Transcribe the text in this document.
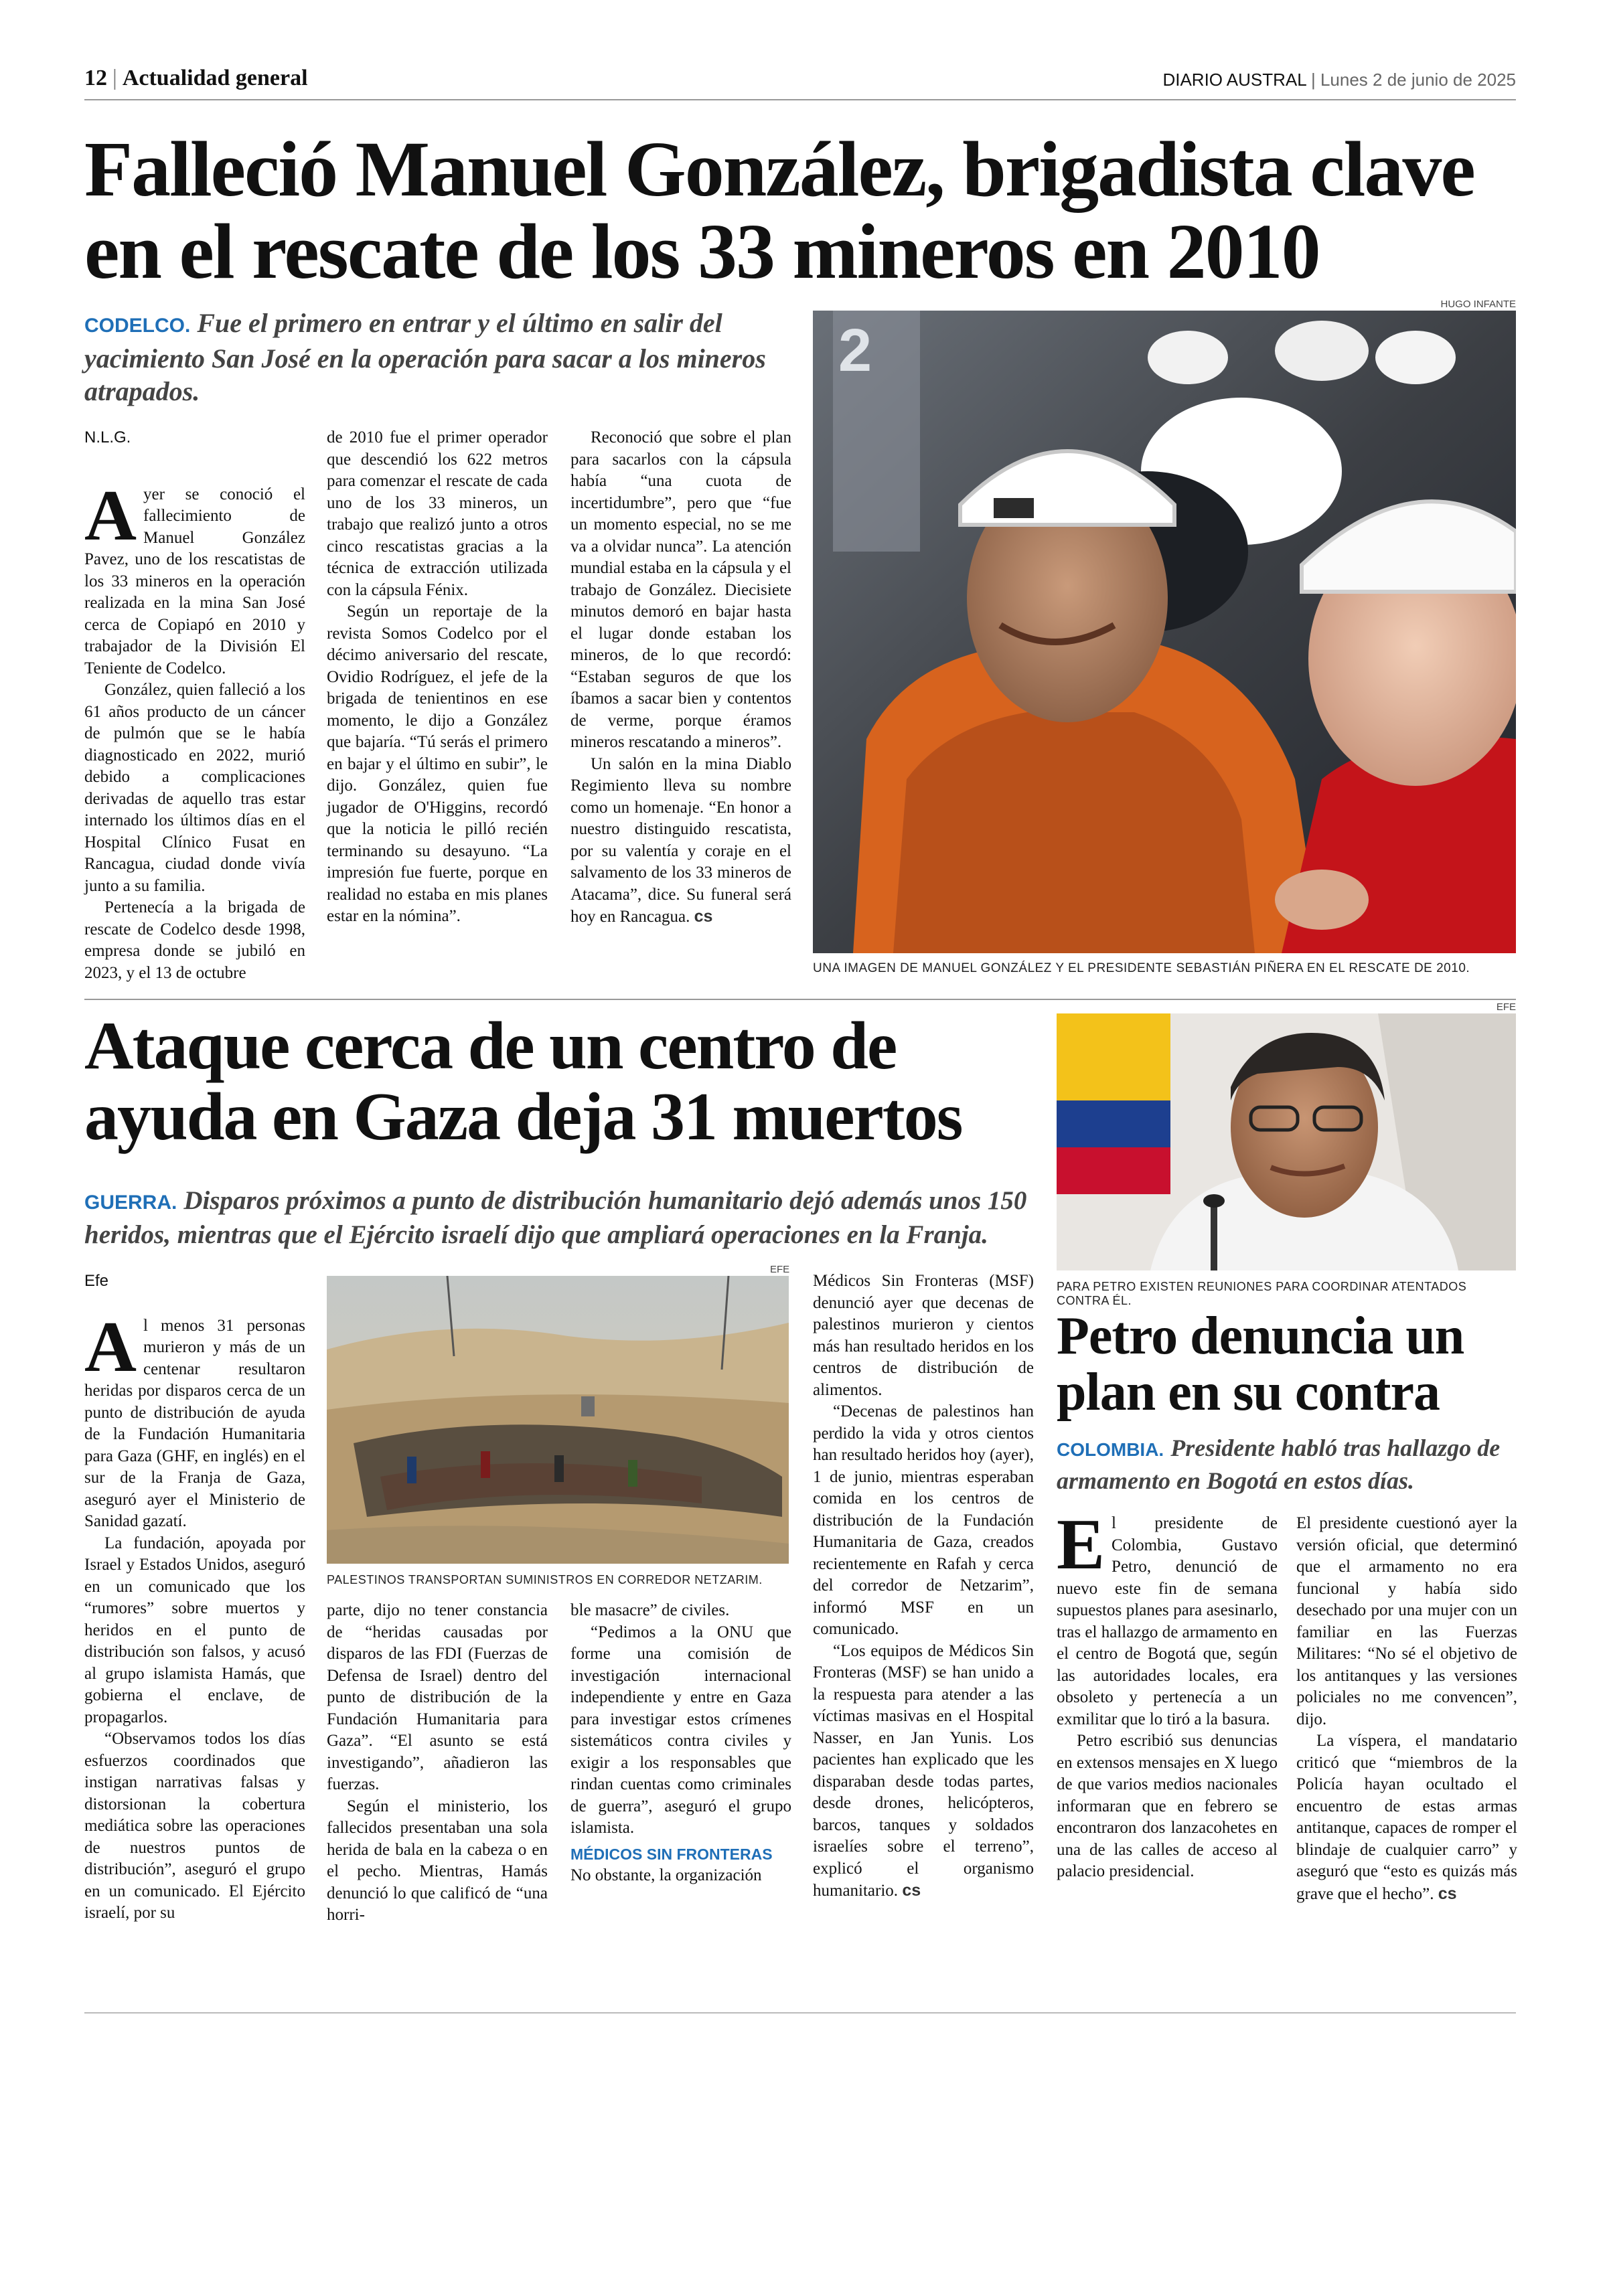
12 | Actualidad general	DIARIO AUSTRAL | Lunes 2 de junio de 2025
Falleció Manuel González, brigadista clave
en el rescate de los 33 mineros en 2010

CODELCO. Fue el primero en entrar y el último en salir del yacimiento San José en la operación para sacar a los mineros atrapados.

N.L.G.

Ayer se conoció el fallecimiento de Manuel González Pavez, uno de los rescatistas de los 33 mineros en la operación realizada en la mina San José cerca de Copiapó en 2010 y trabajador de la División El Teniente de Codelco.

González, quien falleció a los 61 años producto de un cáncer de pulmón que se le había diagnosticado en 2022, murió debido a complicaciones derivadas de aquello tras estar internado los últimos días en el Hospital Clínico Fusat en Rancagua, ciudad donde vivía junto a su familia.

Pertenecía a la brigada de rescate de Codelco desde 1998, empresa donde se jubiló en 2023, y el 13 de octubre

de 2010 fue el primer operador que descendió los 622 metros para comenzar el rescate de cada uno de los 33 mineros, un trabajo que realizó junto a otros cinco rescatistas gracias a la técnica de extracción utilizada con la cápsula Fénix.

Según un reportaje de la revista Somos Codelco por el décimo aniversario del rescate, Ovidio Rodríguez, el jefe de la brigada de tenientinos en ese momento, le dijo a González que bajaría. “Tú serás el primero en bajar y el último en subir”, le dijo. González, quien fue jugador de O'Higgins, recordó que la noticia le pilló recién terminando su desayuno. “La impresión fue fuerte, porque en realidad no estaba en mis planes estar en la nómina”.

Reconoció que sobre el plan para sacarlos con la cápsula había “una cuota de incertidumbre”, pero que “fue un momento especial, no se me va a olvidar nunca”. La atención mundial estaba en la cápsula y el trabajo de González. Diecisiete minutos demoró en bajar hasta el lugar donde estaban los mineros, de lo que recordó: “Estaban seguros de que los íbamos a sacar bien y contentos de verme, porque éramos mineros rescatando a mineros”.

Un salón en la mina Diablo Regimiento lleva su nombre como un homenaje. “En honor a nuestro distinguido rescatista, por su valentía y coraje en el salvamento de los 33 mineros de Atacama”, dice. Su funeral será hoy en Rancagua. cs

HUGO INFANTE
2
UNA IMAGEN DE MANUEL GONZÁLEZ Y EL PRESIDENTE SEBASTIÁN PIÑERA EN EL RESCATE DE 2010.
Ataque cerca de un centro de
ayuda en Gaza deja 31 muertos

GUERRA. Disparos próximos a punto de distribución humanitario dejó además unos 150 heridos, mientras que el Ejército israelí dijo que ampliará operaciones en la Franja.

Efe

Al menos 31 personas murieron y más de un centenar resultaron heridas por disparos cerca de un punto de distribución de ayuda de la Fundación Humanitaria para Gaza (GHF, en inglés) en el sur de la Franja de Gaza, aseguró ayer el Ministerio de Sanidad gazatí.

La fundación, apoyada por Israel y Estados Unidos, aseguró en un comunicado que los “rumores” sobre muertos y heridos en el punto de distribución son falsos, y acusó al grupo islamista Hamás, que gobierna el enclave, de propagarlos.

“Observamos todos los días esfuerzos coordinados que instigan narrativas falsas y distorsionan la cobertura mediática sobre las operaciones de nuestros puntos de distribución”, aseguró el grupo en un comunicado. El Ejército israelí, por su

EFE
PALESTINOS TRANSPORTAN SUMINISTROS EN CORREDOR NETZARIM.

parte, dijo no tener constancia de “heridas causadas por disparos de las FDI (Fuerzas de Defensa de Israel) dentro del punto de distribución de la Fundación Humanitaria para Gaza”. “El asunto se está investigando”, añadieron las fuerzas.

Según el ministerio, los fallecidos presentaban una sola herida de bala en la cabeza o en el pecho. Mientras, Hamás denunció lo que calificó de “una horri-

ble masacre” de civiles.

“Pedimos a la ONU que forme una comisión de investigación internacional independiente y entre en Gaza para investigar estos crímenes sistemáticos contra civiles y exigir a los responsables que rindan cuentas como criminales de guerra”, aseguró el grupo islamista.

MÉDICOS SIN FRONTERAS

No obstante, la organización

Médicos Sin Fronteras (MSF) denunció ayer que decenas de palestinos murieron y cientos más han resultado heridos en los centros de distribución de alimentos.

“Decenas de palestinos han perdido la vida y otros cientos han resultado heridos hoy (ayer), 1 de junio, mientras esperaban comida en los centros de distribución de la Fundación Humanitaria de Gaza, creados recientemente en Rafah y cerca del corredor de Netzarim”, informó MSF en un comunicado.

“Los equipos de Médicos Sin Fronteras (MSF) se han unido a la respuesta para atender a las víctimas masivas en el Hospital Nasser, en Jan Yunis. Los pacientes han explicado que les disparaban desde todas partes, desde drones, helicópteros, barcos, tanques y soldados israelíes sobre el terreno”, explicó el organismo humanitario. cs

EFE
PARA PETRO EXISTEN REUNIONES PARA COORDINAR ATENTADOS CONTRA ÉL.
Petro denuncia un
plan en su contra

COLOMBIA. Presidente habló tras hallazgo de armamento en Bogotá en estos días.

El presidente de Colombia, Gustavo Petro, denunció de nuevo este fin de semana supuestos planes para asesinarlo, tras el hallazgo de armamento en el centro de Bogotá que, según las autoridades locales, era obsoleto y pertenecía a un exmilitar que lo tiró a la basura.

Petro escribió sus denuncias en extensos mensajes en X luego de que varios medios nacionales informaran que en febrero se encontraron dos lanzacohetes en una de las calles de acceso al palacio presidencial.

El presidente cuestionó ayer la versión oficial, que determinó que el armamento no era funcional y había sido desechado por una mujer con un familiar en las Fuerzas Militares: “No sé el objetivo de los antitanques y las versiones policiales no me convencen”, dijo.

La víspera, el mandatario criticó que “miembros de la Policía hayan ocultado el encuentro de estas armas antitanque, capaces de romper el blindaje de cualquier carro” y aseguró que “esto es quizás más grave que el hecho”. cs
